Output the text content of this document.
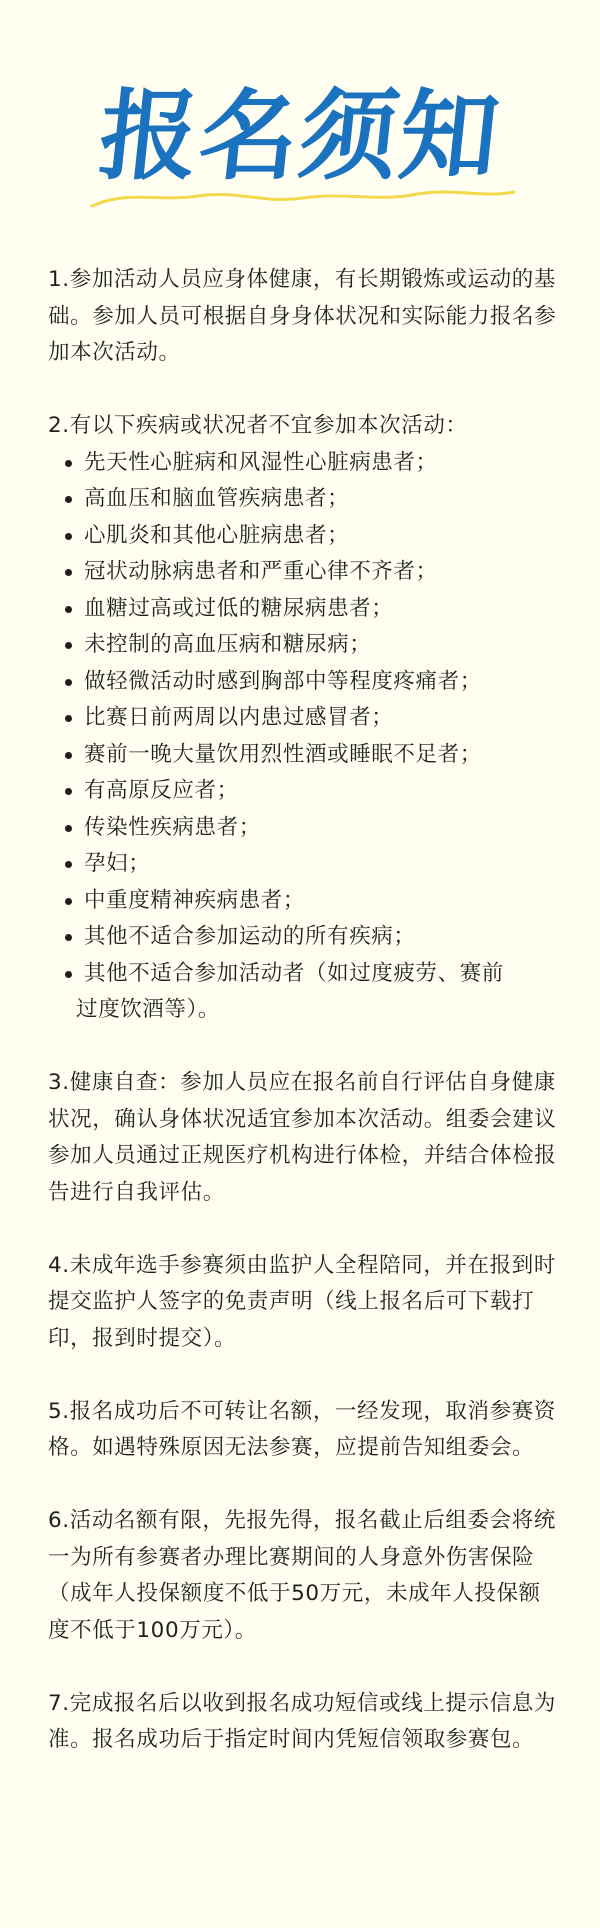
报名须知

1.参加活动人员应身体健康，有长期锻炼或运动的基础。参加人员可根据自身身体状况和实际能力报名参加本次活动。

2.有以下疾病或状况者不宜参加本次活动：
先天性心脏病和风湿性心脏病患者；
高血压和脑血管疾病患者；
心肌炎和其他心脏病患者；
冠状动脉病患者和严重心律不齐者；
血糖过高或过低的糖尿病患者；
未控制的高血压病和糖尿病；
做轻微活动时感到胸部中等程度疼痛者；
比赛日前两周以内患过感冒者；
赛前一晚大量饮用烈性酒或睡眠不足者；
有高原反应者；
传染性疾病患者；
孕妇；
中重度精神疾病患者；
其他不适合参加运动的所有疾病；
其他不适合参加活动者（如过度疲劳、赛前
过度饮酒等）。

3.健康自查：参加人员应在报名前自行评估自身健康状况，确认身体状况适宜参加本次活动。组委会建议参加人员通过正规医疗机构进行体检，并结合体检报告进行自我评估。

4.未成年选手参赛须由监护人全程陪同，并在报到时提交监护人签字的免责声明（线上报名后可下载打印，报到时提交）。

5.报名成功后不可转让名额，一经发现，取消参赛资格。如遇特殊原因无法参赛，应提前告知组委会。

6.活动名额有限，先报先得，报名截止后组委会将统一为所有参赛者办理比赛期间的人身意外伤害保险（成年人投保额度不低于50万元，未成年人投保额度不低于100万元）。

7.完成报名后以收到报名成功短信或线上提示信息为准。报名成功后于指定时间内凭短信领取参赛包。
